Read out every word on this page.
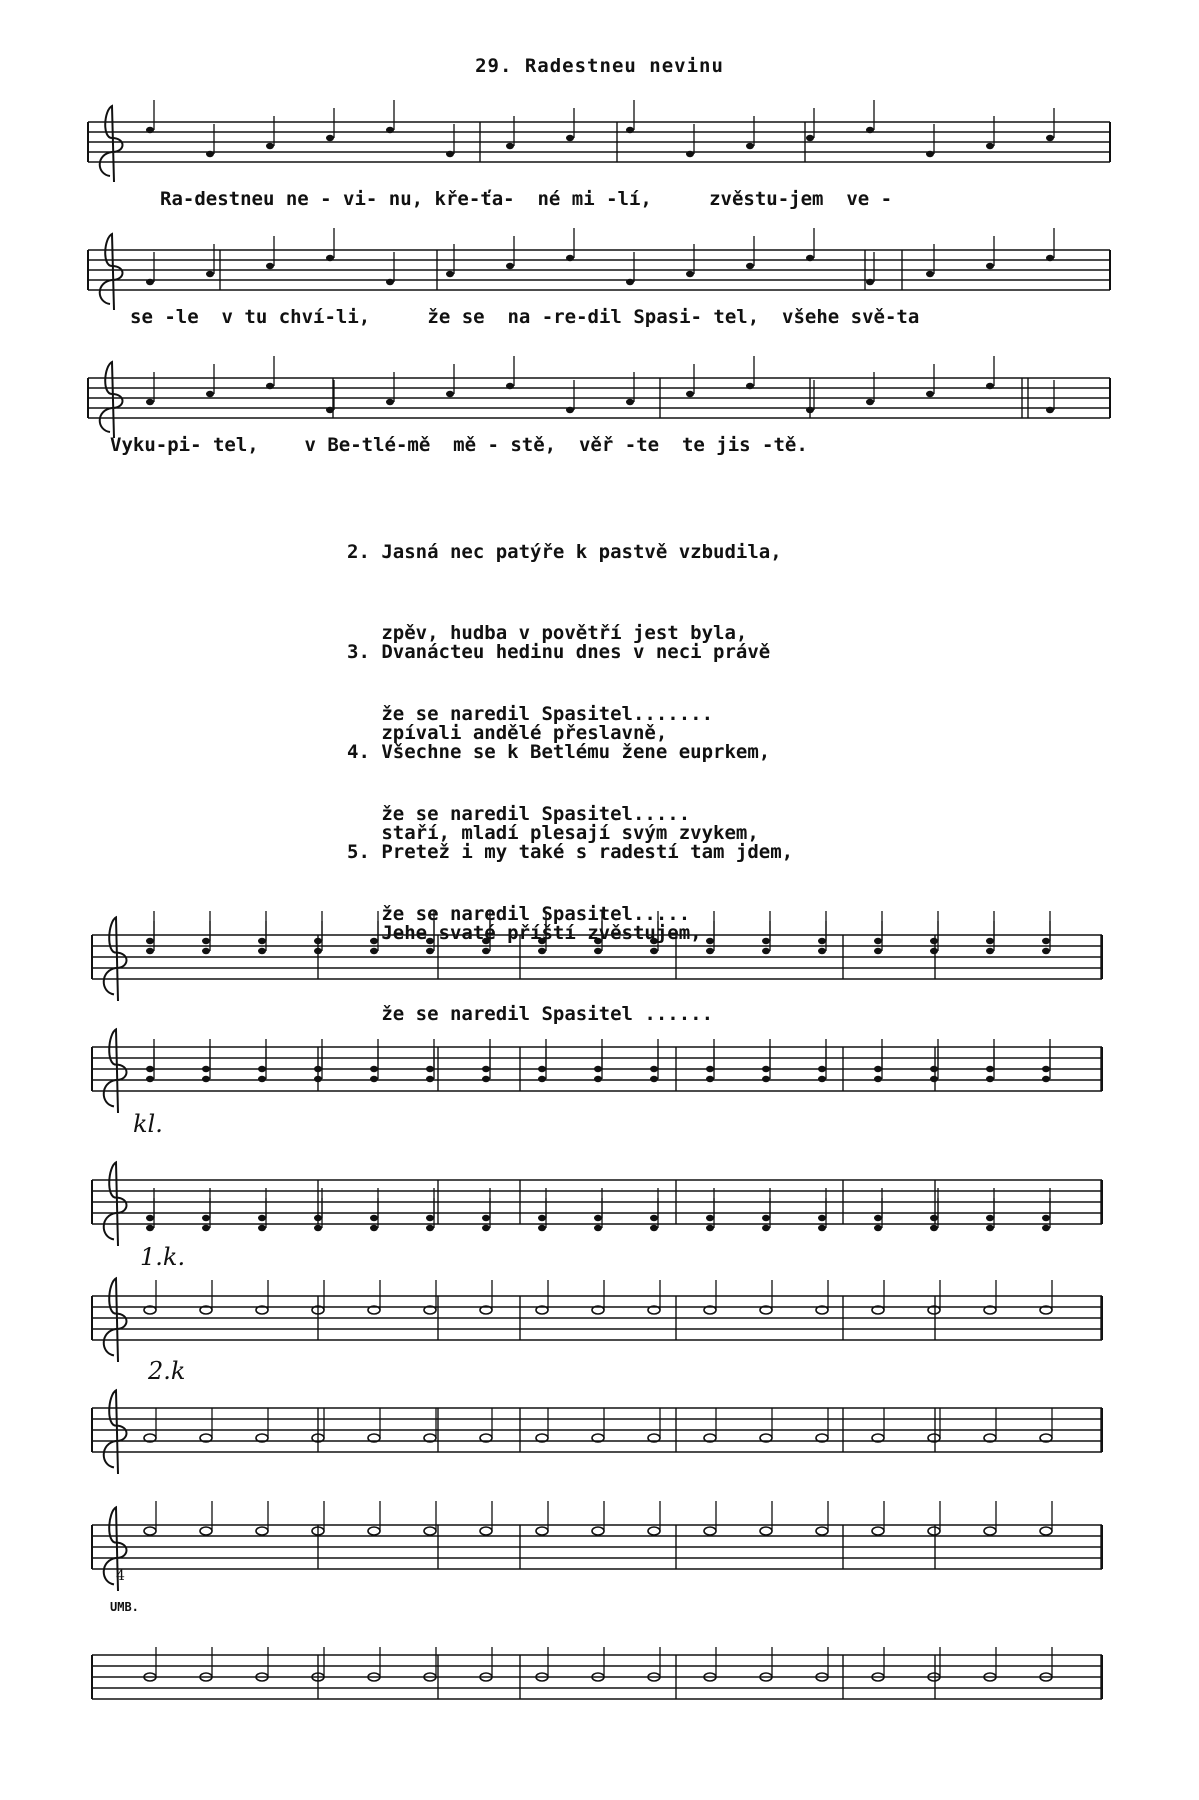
29. Radestneu nevinu
Ra-destneu ne - vi- nu, kře-ťa-  né mi -lí,     zvěstu-jem  ve -
se -le  v tu chví-li,     že se  na -re-dil Spasi- tel,  všehe svě-ta
Vyku-pi- tel,    v Be-tlé-mě  mě - stě,  věř -te  te jis -tě.

2. Jasná nec patýře k pastvě vzbudila,

zpěv, hudba v povětří jest byla,

že se naredil Spasitel.......

3. Dvanácteu hedinu dnes v neci právě

zpívali andělé přeslavně,

že se naredil Spasitel.....

4. Všechne se k Betlému žene euprkem,

staří, mladí plesají svým zvykem,

že se naredil Spasitel.....

5. Pretež i my také s radestí tam jdem,

Jehe svaté příští zvěstujem,

že se naredil Spasitel ......

kl.
1.k.
2.k
4
UMB.
